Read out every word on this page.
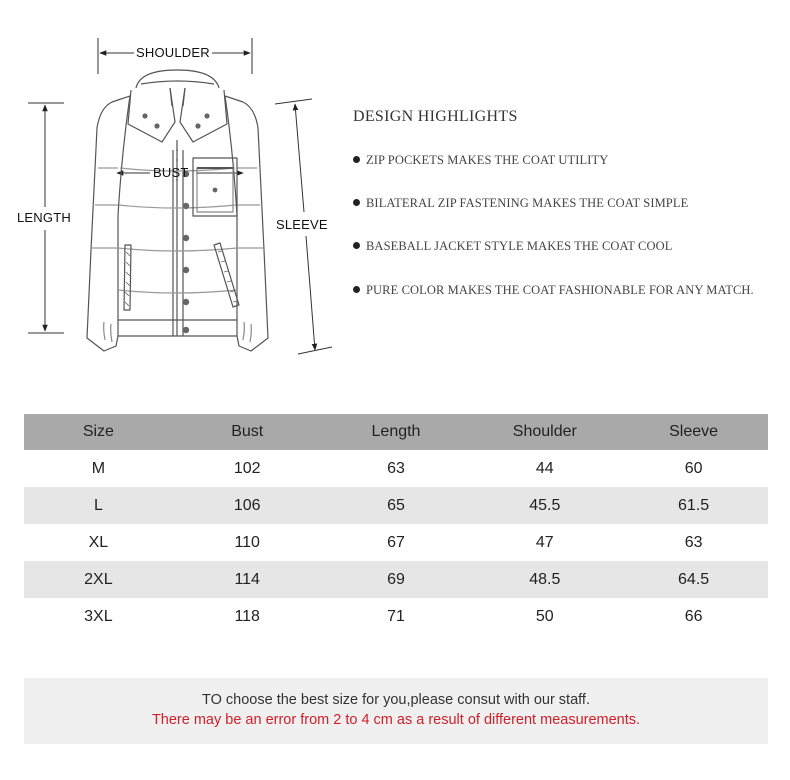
SHOULDER
LENGTH	SLEEVE
BUST
DESIGN HIGHLIGHTS
ZIP POCKETS MAKES THE COAT UTILITY
BILATERAL ZIP FASTENING MAKES THE COAT SIMPLE
BASEBALL JACKET STYLE MAKES THE COAT COOL
PURE COLOR MAKES THE COAT FASHIONABLE FOR ANY MATCH.
Size	Bust	Length	Shoulder	Sleeve
M	102	63	44	60
L	106	65	45.5	61.5
XL	110	67	47	63
2XL	114	69	48.5	64.5
3XL	118	71	50	66
TO choose the best size for you,please consut with our staff.
There may be an error from 2 to 4 cm as a result of different measurements.
